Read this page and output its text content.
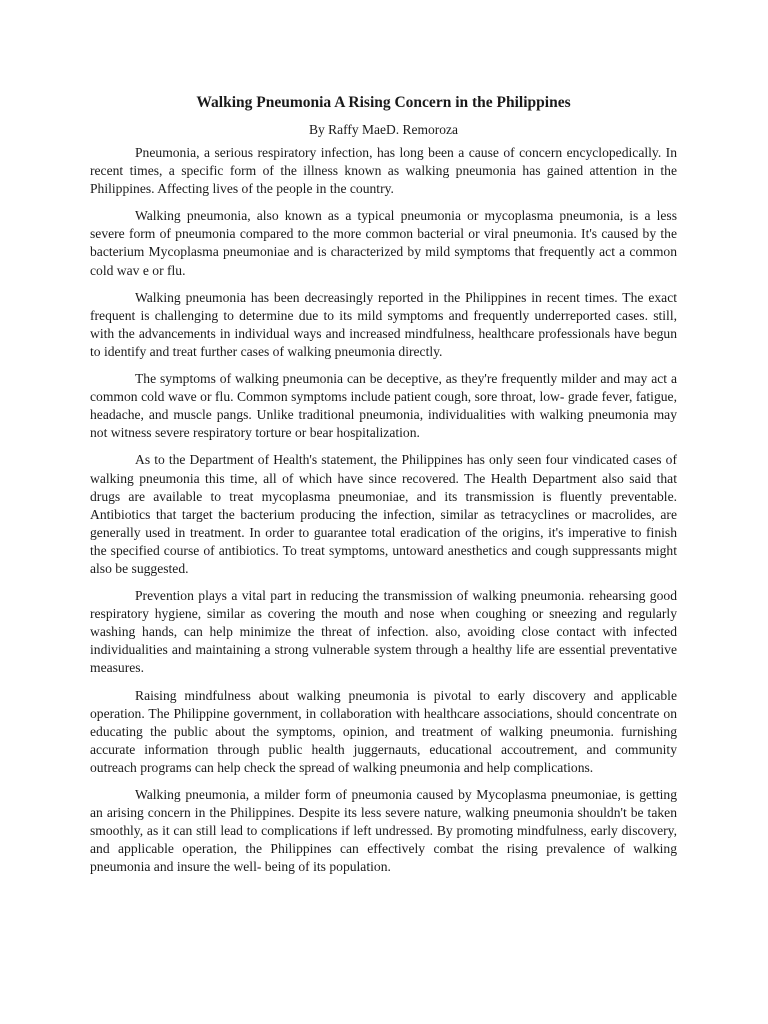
Walking Pneumonia A Rising Concern in the Philippines

By Raffy MaeD. Remoroza

Pneumonia, a serious respiratory infection, has long been a cause of concern encyclopedically. In recent times, a specific form of the illness known as walking pneumonia has gained attention in the Philippines. Affecting lives of the people in the country.

Walking pneumonia, also known as a typical pneumonia or mycoplasma pneumonia, is a less severe form of pneumonia compared to the more common bacterial or viral pneumonia. It's caused by the bacterium Mycoplasma pneumoniae and is characterized by mild symptoms that frequently act a common cold wav e or flu.

Walking pneumonia has been decreasingly reported in the Philippines in recent times. The exact frequent is challenging to determine due to its mild symptoms and frequently underreported cases. still, with the advancements in individual ways and increased mindfulness, healthcare professionals have begun to identify and treat further cases of walking pneumonia directly.

The symptoms of walking pneumonia can be deceptive, as they're frequently milder and may act a common cold wave or flu. Common symptoms include patient cough, sore throat, low- grade fever, fatigue, headache, and muscle pangs. Unlike traditional pneumonia, individualities with walking pneumonia may not witness severe respiratory torture or bear hospitalization.

As to the Department of Health's statement, the Philippines has only seen four vindicated cases of walking pneumonia this time, all of which have since recovered. The Health Department also said that drugs are available to treat mycoplasma pneumoniae, and its transmission is fluently preventable. Antibiotics that target the bacterium producing the infection, similar as tetracyclines or macrolides, are generally used in treatment. In order to guarantee total eradication of the origins, it's imperative to finish the specified course of antibiotics. To treat symptoms, untoward anesthetics and cough suppressants might also be suggested.

Prevention plays a vital part in reducing the transmission of walking pneumonia. rehearsing good respiratory hygiene, similar as covering the mouth and nose when coughing or sneezing and regularly washing hands, can help minimize the threat of infection. also, avoiding close contact with infected individualities and maintaining a strong vulnerable system through a healthy life are essential preventative measures.

Raising mindfulness about walking pneumonia is pivotal to early discovery and applicable operation. The Philippine government, in collaboration with healthcare associations, should concentrate on educating the public about the symptoms, opinion, and treatment of walking pneumonia. furnishing accurate information through public health juggernauts, educational accoutrement, and community outreach programs can help check the spread of walking pneumonia and help complications.

Walking pneumonia, a milder form of pneumonia caused by Mycoplasma pneumoniae, is getting an arising concern in the Philippines. Despite its less severe nature, walking pneumonia shouldn't be taken smoothly, as it can still lead to complications if left undressed. By promoting mindfulness, early discovery, and applicable operation, the Philippines can effectively combat the rising prevalence of walking pneumonia and insure the well- being of its population.
